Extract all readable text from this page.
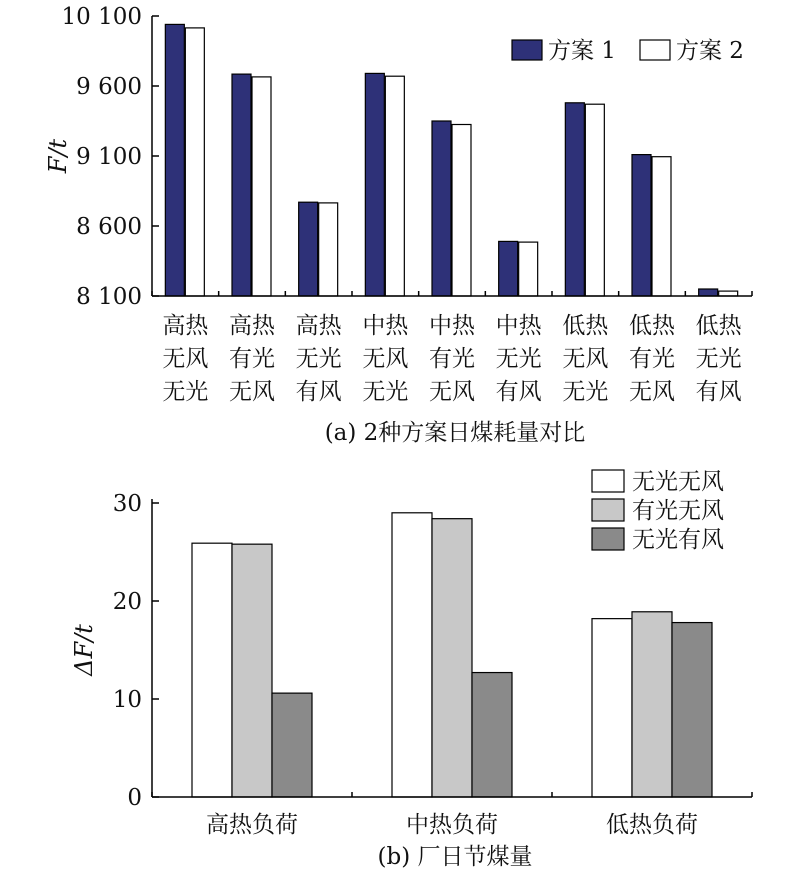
8 100
8 600
9 100
9 600
10 100
高热
无风
无光
高热
有光
无风
高热
无光
有风
中热
无风
无光
中热
有光
无风
中热
无光
有风
低热
无风
无光
低热
有光
无风
低热
无光
有风
F/t
方案 1	方案 2
(a) 2种方案日煤耗量对比
高热负荷	中热负荷	低热负荷
0
10
20
30
ΔF/t
无光无风
有光无风
无光有风
(b) 厂日节煤量
